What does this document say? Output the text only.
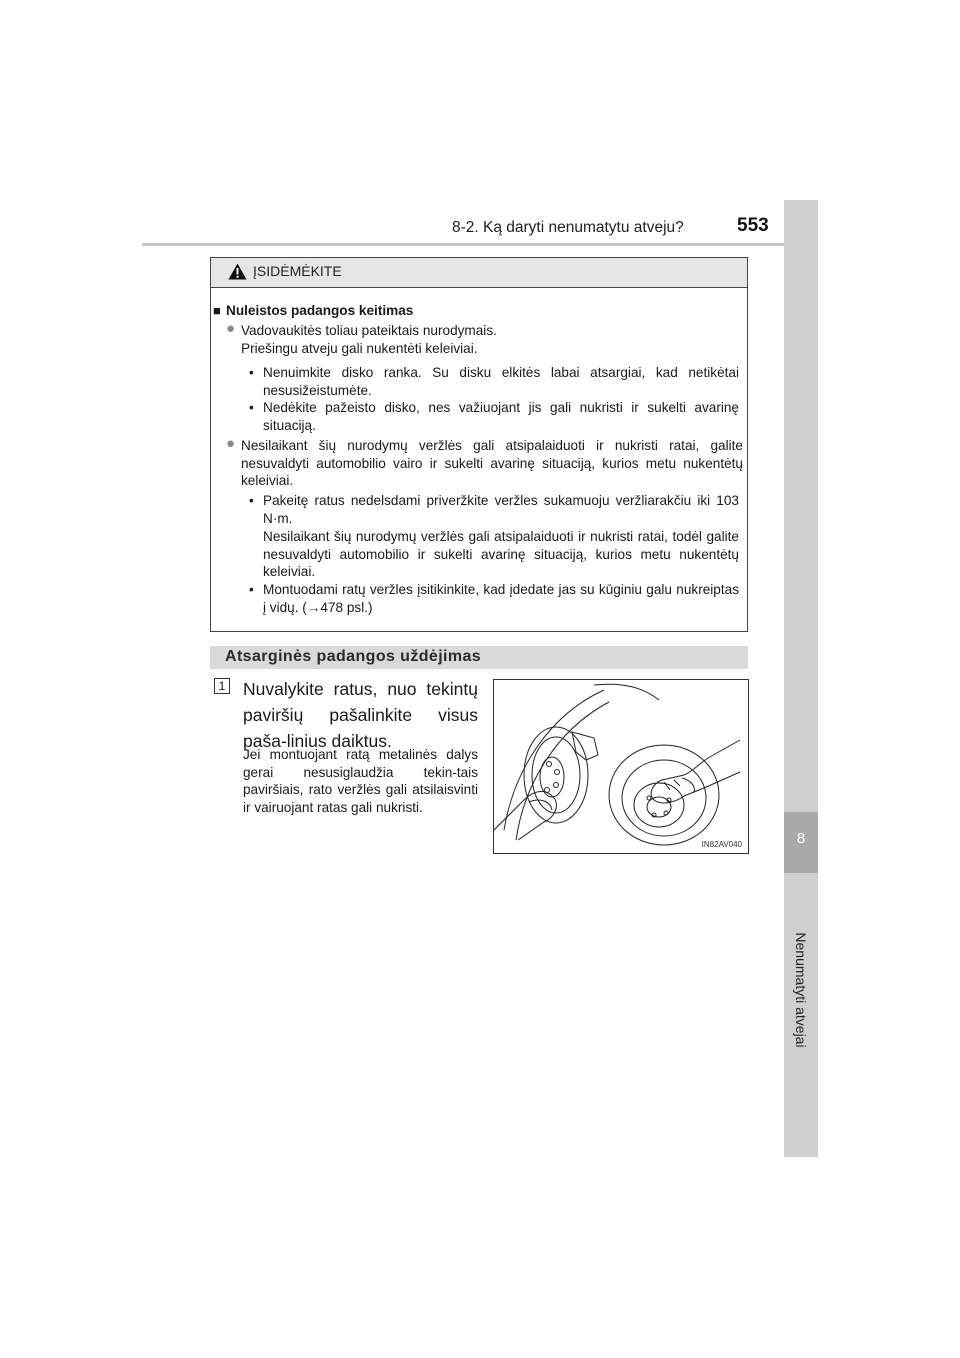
8-2. Ką daryti nenumatytu atveju?	553
8
Nenumatyti atvejai
ĮSIDĖMĖKITE
■ Nuleistos padangos keitimas
● Vadovaukitės toliau pateiktais nurodymais.
Priešingu atveju gali nukentėti keleiviai.
• Nenuimkite disko ranka. Su disku elkitės labai atsargiai, kad netikėtai nesusižeistumėte.
• Nedėkite pažeisto disko, nes važiuojant jis gali nukristi ir sukelti avarinę situaciją.
● Nesilaikant šių nurodymų veržlės gali atsipalaiduoti ir nukristi ratai, galite nesuvaldyti automobilio vairo ir sukelti avarinę situaciją, kurios metu nukentėtų keleiviai.
• Pakeitę ratus nedelsdami priveržkite veržles sukamuoju veržliarakčiu iki 103 N·m.
Nesilaikant šių nurodymų veržlės gali atsipalaiduoti ir nukristi ratai, todėl galite nesuvaldyti automobilio ir sukelti avarinę situaciją, kurios metu nukentėtų keleiviai.
• Montuodami ratų veržles įsitikinkite, kad įdedate jas su kūginiu galu nukreiptas į vidų. (→478 psl.)
Atsarginės padangos uždėjimas
1 Nuvalykite ratus, nuo tekintų paviršių pašalinkite visus paša-linius daiktus.
Jei montuojant ratą metalinės dalys gerai nesusiglaudžia tekin-tais paviršiais, rato veržlės gali atsilaisvinti ir vairuojant ratas gali nukristi.
IN82AV040
